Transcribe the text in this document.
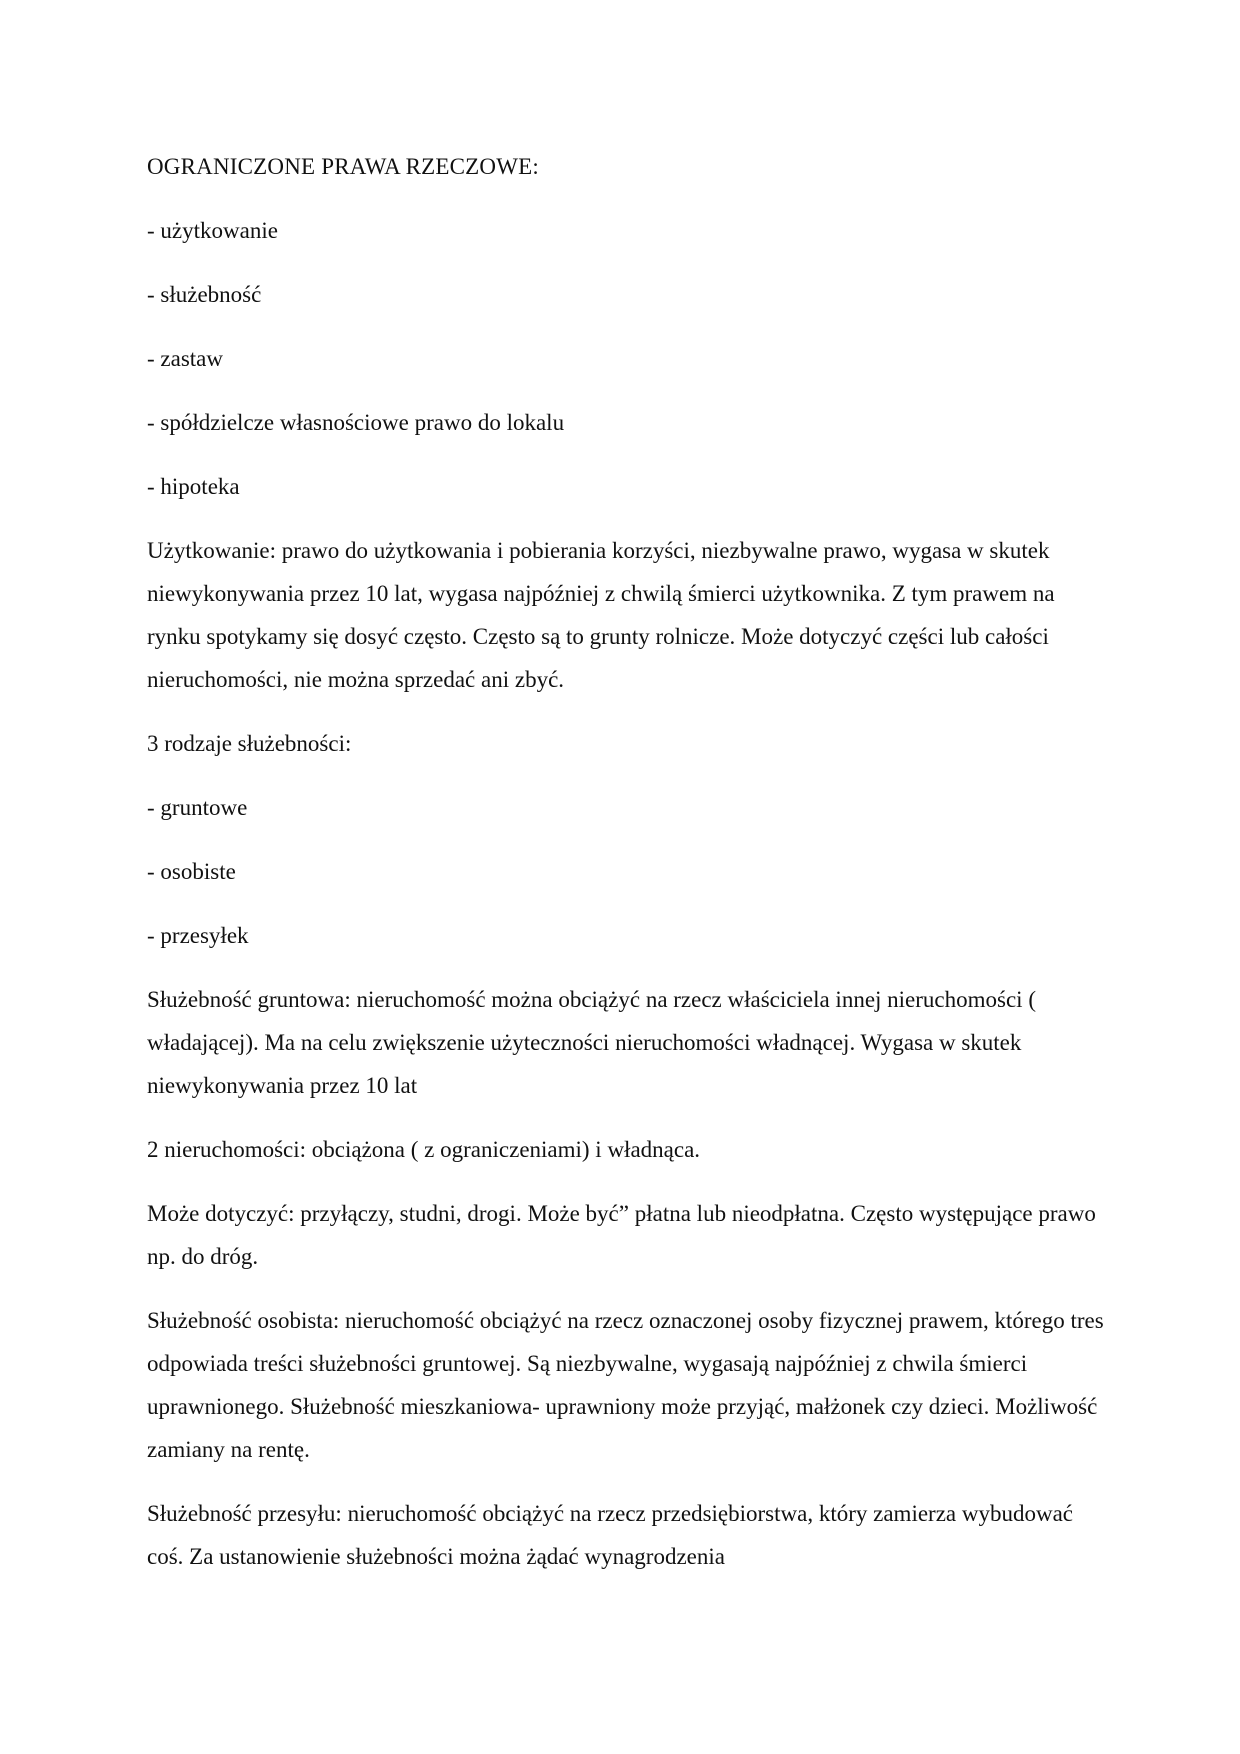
OGRANICZONE PRAWA RZECZOWE:

- użytkowanie

- służebność

- zastaw

- spółdzielcze własnościowe prawo do lokalu

- hipoteka

Użytkowanie: prawo do użytkowania i pobierania korzyści, niezbywalne prawo, wygasa w skutek niewykonywania przez 10 lat, wygasa najpóźniej z chwilą śmierci użytkownika. Z tym prawem na rynku spotykamy się dosyć często. Często są to grunty rolnicze. Może dotyczyć części lub całości nieruchomości, nie można sprzedać ani zbyć.

3 rodzaje służebności:

- gruntowe

- osobiste

- przesyłek

Służebność gruntowa: nieruchomość można obciążyć na rzecz właściciela innej nieruchomości ( władającej). Ma na celu zwiększenie użyteczności nieruchomości władnącej. Wygasa w skutek niewykonywania przez 10 lat

2 nieruchomości: obciążona ( z ograniczeniami) i władnąca.

Może dotyczyć: przyłączy, studni, drogi. Może być” płatna lub nieodpłatna. Często występujące prawo np. do dróg.

Służebność osobista: nieruchomość obciążyć na rzecz oznaczonej osoby fizycznej prawem, którego tres odpowiada treści służebności gruntowej. Są niezbywalne, wygasają najpóźniej z chwila śmierci uprawnionego. Służebność mieszkaniowa- uprawniony może przyjąć, małżonek czy dzieci. Możliwość zamiany na rentę.

Służebność przesyłu: nieruchomość obciążyć na rzecz przedsiębiorstwa, który zamierza wybudować coś. Za ustanowienie służebności można żądać wynagrodzenia
